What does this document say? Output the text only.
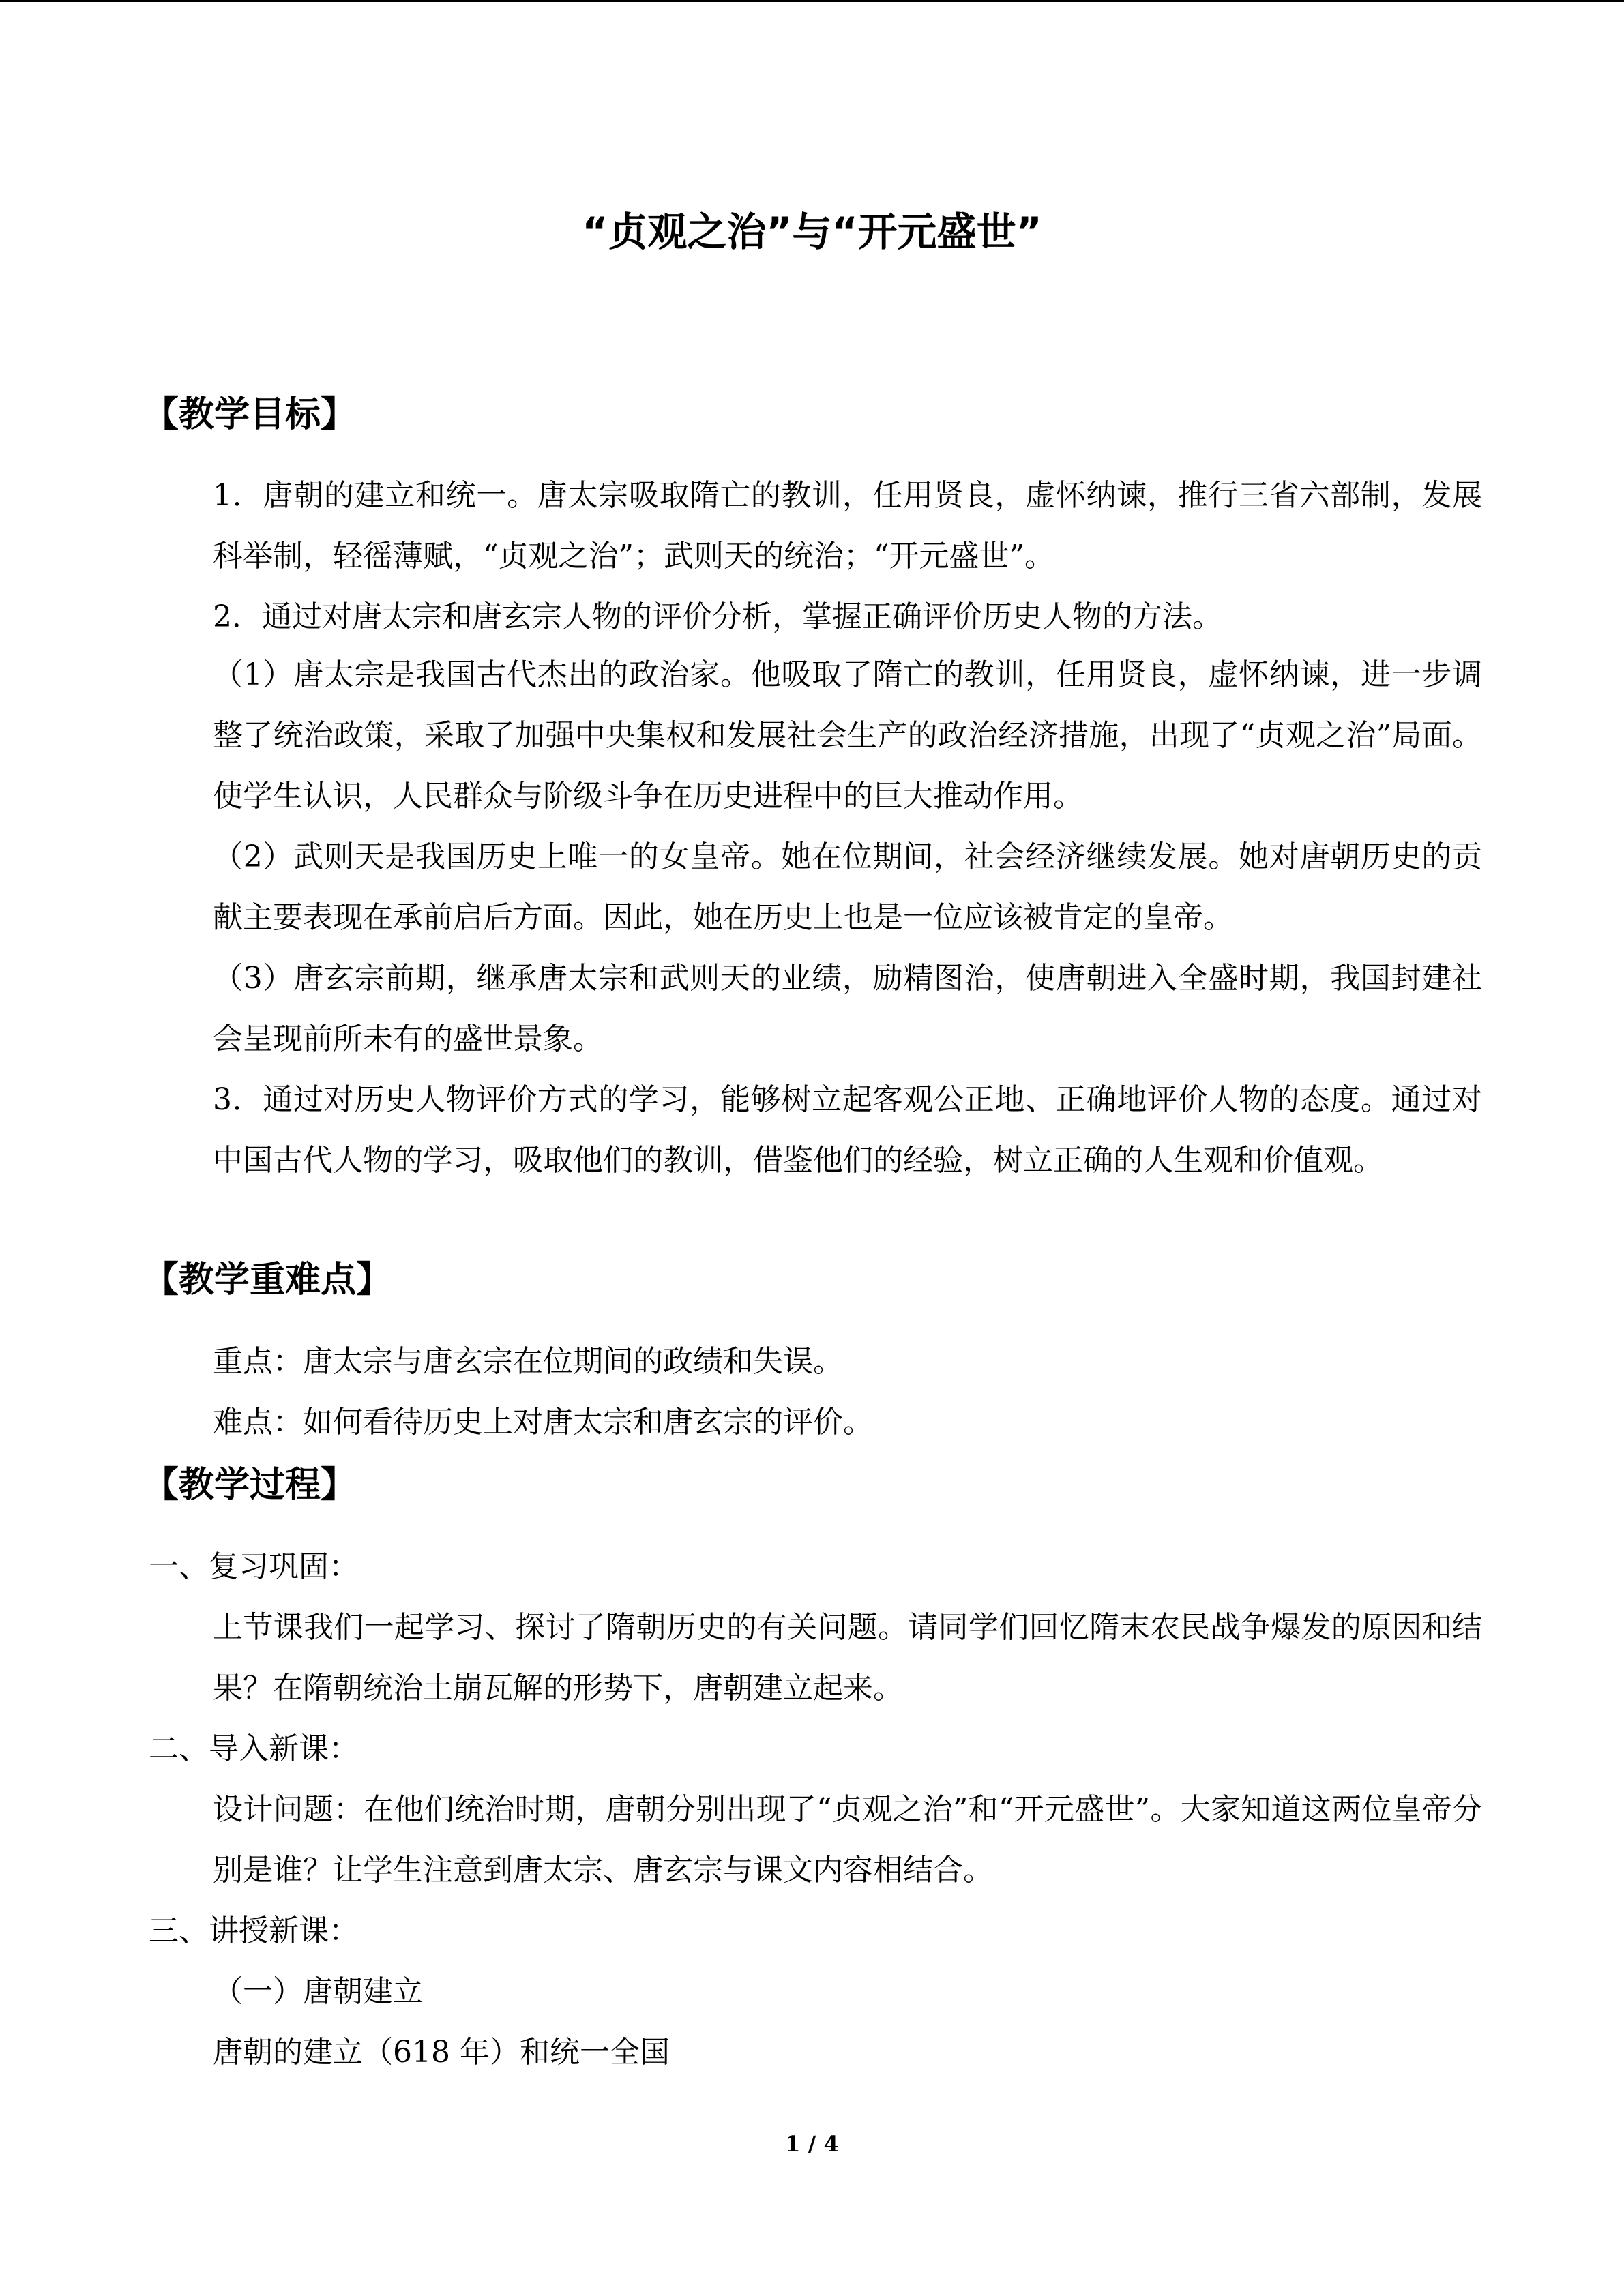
“贞观之治”与“开元盛世”
【教学目标】
1．唐朝的建立和统一。唐太宗吸取隋亡的教训，任用贤良，虚怀纳谏，推行三省六部制，发展科举制，轻徭薄赋，“贞观之治”；武则天的统治；“开元盛世”。
2．通过对唐太宗和唐玄宗人物的评价分析，掌握正确评价历史人物的方法。
（1）唐太宗是我国古代杰出的政治家。他吸取了隋亡的教训，任用贤良，虚怀纳谏，进一步调整了统治政策，采取了加强中央集权和发展社会生产的政治经济措施，出现了“贞观之治”局面。使学生认识，人民群众与阶级斗争在历史进程中的巨大推动作用。
（2）武则天是我国历史上唯一的女皇帝。她在位期间，社会经济继续发展。她对唐朝历史的贡献主要表现在承前启后方面。因此，她在历史上也是一位应该被肯定的皇帝。
（3）唐玄宗前期，继承唐太宗和武则天的业绩，励精图治，使唐朝进入全盛时期，我国封建社会呈现前所未有的盛世景象。
3．通过对历史人物评价方式的学习，能够树立起客观公正地、正确地评价人物的态度。通过对中国古代人物的学习，吸取他们的教训，借鉴他们的经验，树立正确的人生观和价值观。
【教学重难点】
重点：唐太宗与唐玄宗在位期间的政绩和失误。
难点：如何看待历史上对唐太宗和唐玄宗的评价。
【教学过程】
一、复习巩固：
上节课我们一起学习、探讨了隋朝历史的有关问题。请同学们回忆隋末农民战争爆发的原因和结果？在隋朝统治土崩瓦解的形势下，唐朝建立起来。
二、导入新课：
设计问题：在他们统治时期，唐朝分别出现了“贞观之治”和“开元盛世”。大家知道这两位皇帝分别是谁？让学生注意到唐太宗、唐玄宗与课文内容相结合。
三、讲授新课：
（一）唐朝建立
唐朝的建立（618 年）和统一全国
1 / 4
